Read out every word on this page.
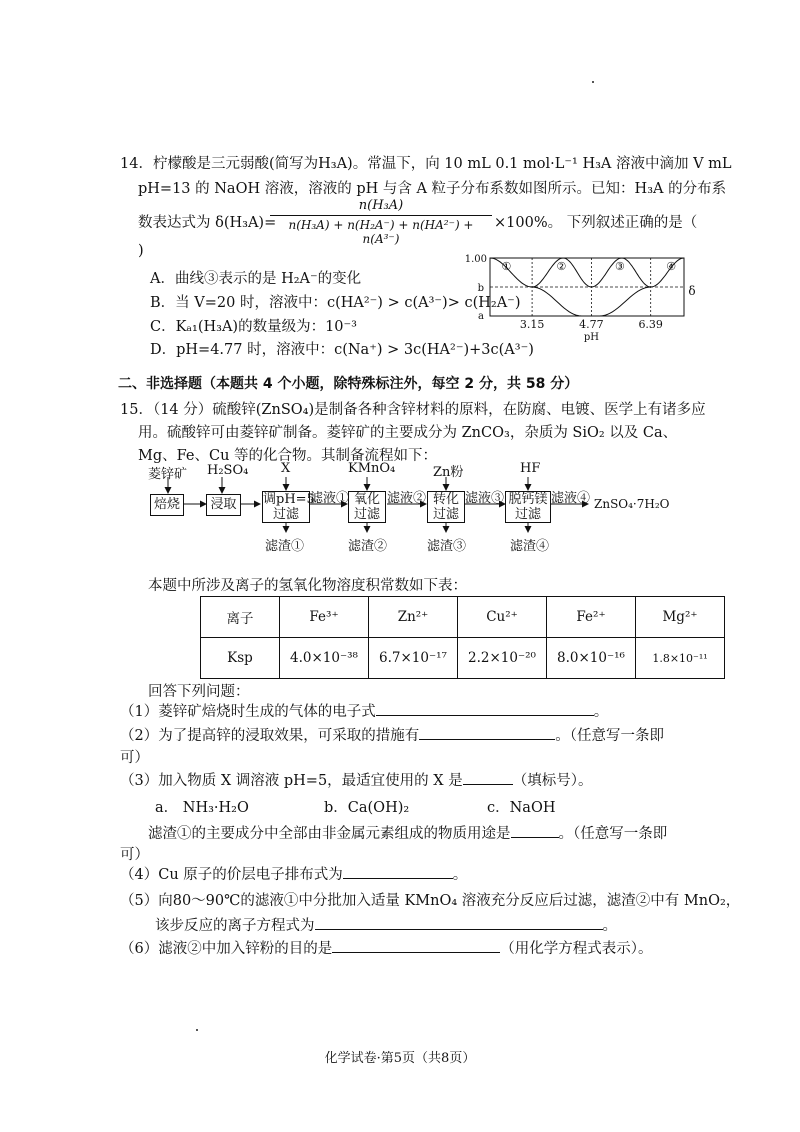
14．柠檬酸是三元弱酸(简写为H₃A)。常温下，向 10 mL 0.1 mol·L⁻¹ H₃A 溶液中滴加 V mL
pH=13 的 NaOH 溶液，溶液的 pH 与含 A 粒子分布系数如图所示。已知：H₃A 的分布系
数表达式为 δ(H₃A)=
$\frac{\text{n(H₃A)}}{\text{n(H₃A) + n(H₂A⁻) + n(HA²⁻) + n(A³⁻)}} \times 100\%$。 下列叙述正确的是（
)
A．曲线③表示的是 H₂A⁻的变化
B．当 V=20 时，溶液中：c(HA²⁻) > c(A³⁻)> c(H₂A⁻)
C．Kₐ₁(H₃A)的数量级为：10⁻³
D．pH=4.77 时，溶液中：c(Na⁺) > 3c(HA²⁻)+3c(A³⁻)
①	②	③	④
1.00
b
a
δ
3.15	4.77	6.39
pH
二、非选择题（本题共 4 个小题，除特殊标注外，每空 2 分，共 58 分）
15．（14 分）硫酸锌(ZnSO₄)是制备各种含锌材料的原料，在防腐、电镀、医学上有诸多应
用。硫酸锌可由菱锌矿制备。菱锌矿的主要成分为 ZnCO₃，杂质为 SiO₂ 以及 Ca、
Mg、Fe、Cu 等的化合物。其制备流程如下：
菱锌矿 H₂SO₄	X	KMnO₄	Zn粉	HF
焙烧	浸取	调pH=5
过滤
氧化
过滤
转化
过滤
脱钙镁
过滤
滤液①	滤液②	滤液③	滤液④ ZnSO₄·7H₂O
滤渣①	滤渣②	滤渣③	滤渣④
本题中所涉及离子的氢氧化物溶度积常数如下表：
离子	Fe³⁺	Zn²⁺	Cu²⁺	Fe²⁺	Mg²⁺
Ksp	4.0×10⁻³⁸	6.7×10⁻¹⁷	2.2×10⁻²⁰	8.0×10⁻¹⁶	1.8×10⁻¹¹
回答下列问题：
（1）菱锌矿焙烧时生成的气体的电子式	。
（2）为了提高锌的浸取效果，可采取的措施有	。（任意写一条即
可）
（3）加入物质 X 调溶液 pH=5，最适宜使用的 X 是	（填标号）。
a． NH₃·H₂O	b．Ca(OH)₂	c．NaOH
滤渣①的主要成分中全部由非金属元素组成的物质用途是	。（任意写一条即
可）
（4）Cu 原子的价层电子排布式为	。
（5）向80～90℃的滤液①中分批加入适量 KMnO₄ 溶液充分反应后过滤，滤渣②中有 MnO₂，
该步反应的离子方程式为	。
（6）滤液②中加入锌粉的目的是	（用化学方程式表示）。
化学试卷·第5页（共8页）
